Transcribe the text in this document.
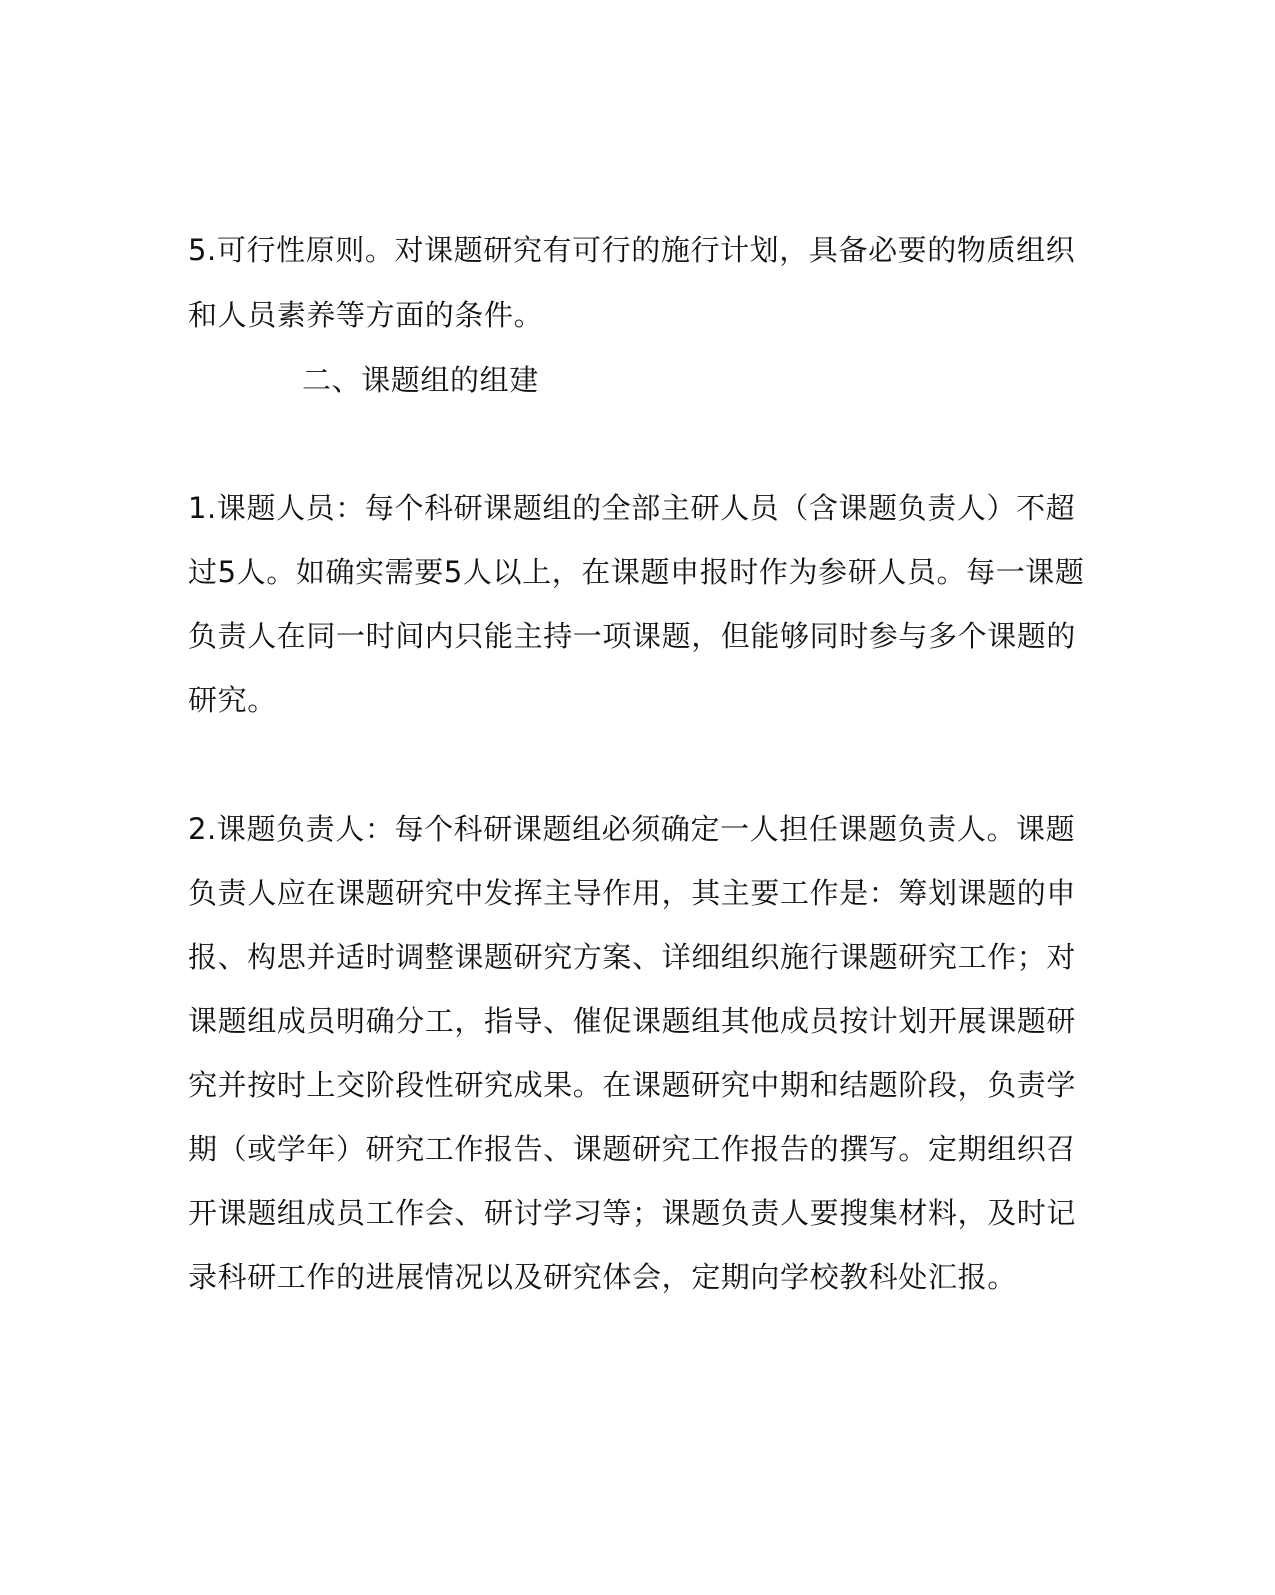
5.可行性原则。对课题研究有可行的施行计划，具备必要的物质组织
和人员素养等方面的条件。
二、课题组的组建
1.课题人员：每个科研课题组的全部主研人员（含课题负责人）不超
过5人。如确实需要5人以上，在课题申报时作为参研人员。每一课题
负责人在同一时间内只能主持一项课题，但能够同时参与多个课题的
研究。
2.课题负责人：每个科研课题组必须确定一人担任课题负责人。课题
负责人应在课题研究中发挥主导作用，其主要工作是：筹划课题的申
报、构思并适时调整课题研究方案、详细组织施行课题研究工作；对
课题组成员明确分工，指导、催促课题组其他成员按计划开展课题研
究并按时上交阶段性研究成果。在课题研究中期和结题阶段，负责学
期（或学年）研究工作报告、课题研究工作报告的撰写。定期组织召
开课题组成员工作会、研讨学习等；课题负责人要搜集材料，及时记
录科研工作的进展情况以及研究体会，定期向学校教科处汇报。
